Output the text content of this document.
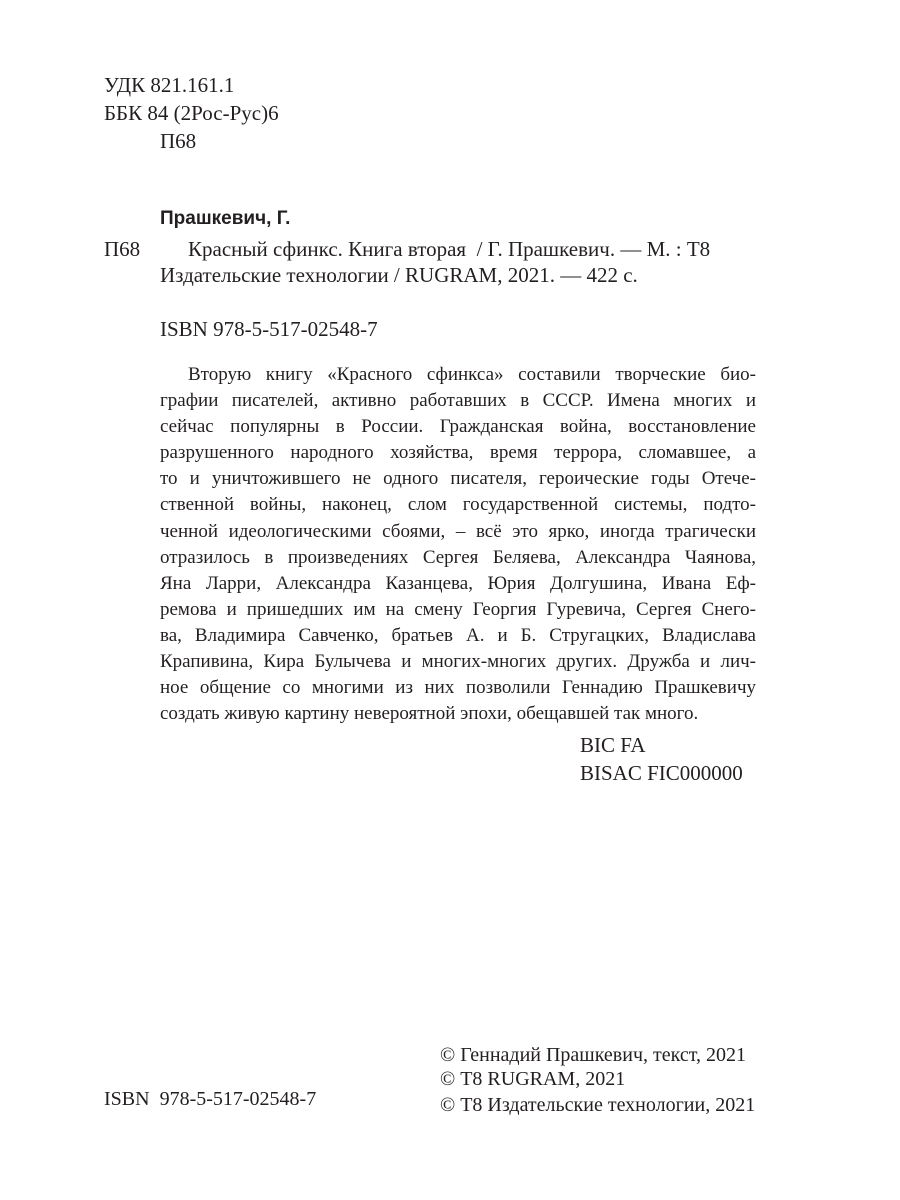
УДК 821.161.1
ББК 84 (2Рос-Рус)6
П68
Прашкевич, Г.
П68 Красный сфинкс. Книга вторая  / Г. Прашкевич. — М. : Т8
Издательские технологии / RUGRAM, 2021. — 422 с.
ISBN 978-5-517-02548-7
Вторую книгу «Красного сфинкса» составили творческие био-
графии писателей, активно работавших в СССР. Имена многих и
сейчас популярны в России. Гражданская война, восстановление
разрушенного народного хозяйства, время террора, сломавшее, а
то и уничтожившего не одного писателя, героические годы Отече-
ственной войны, наконец, слом государственной системы, подто-
ченной идеологическими сбоями, – всё это ярко, иногда трагически
отразилось в произведениях Сергея Беляева, Александра Чаянова,
Яна Ларри, Александра Казанцева, Юрия Долгушина, Ивана Еф-
ремова и пришедших им на смену Георгия Гуревича, Сергея Снего-
ва, Владимира Савченко, братьев А. и Б. Стругацких, Владислава
Крапивина, Кира Булычева и многих-многих других. Дружба и лич-
ное общение со многими из них позволили Геннадию Прашкевичу
создать живую картину невероятной эпохи, обещавшей так много.
BIC FA
BISAC FIC000000
ISBN  978-5-517-02548-7
© Геннадий Прашкевич, текст, 2021
© Т8 RUGRAM, 2021
© Т8 Издательские технологии, 2021
